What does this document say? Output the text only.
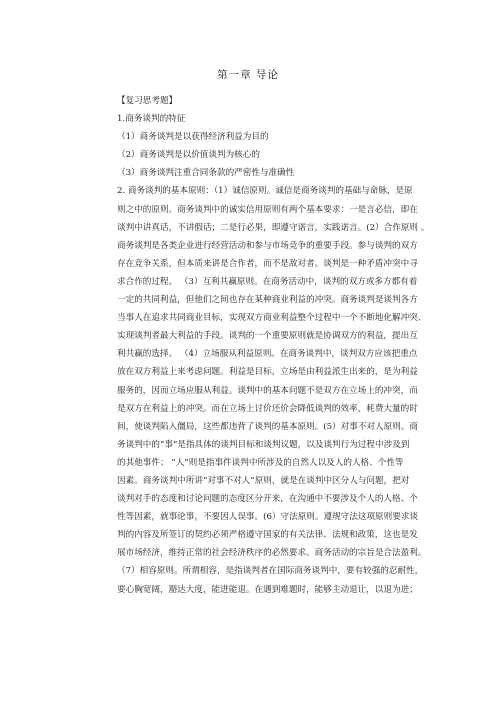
第一章 导论
【复习思考题】
1.商务谈判的特征
（1）商务谈判是以获得经济利益为目的
（2）商务谈判是以价值谈判为核心的
（3）商务谈判注重合同条款的严密性与准确性
2. 商务谈判的基本原则：（1）诚信原则。诚信是商务谈判的基础与命脉，是原
则之中的原则。商务谈判中的诚实信用原则有两个基本要求：一是言必信，即在
谈判中讲真话，不讲假话；二是行必果，即遵守诺言，实践诺言。(2）合作原则 。
商务谈判是各类企业进行经营活动和参与市场竞争的重要手段。参与谈判的双方
存在竞争关系，但本质来讲是合作者，而不是敌对者。谈判是一种矛盾冲突中寻
求合作的过程。 （3）互利共赢原则。在商务活动中，谈判的双方或多方都有着
一定的共同利益，但他们之间也存在某种商业利益的冲突。商务谈判是谈判各方
当事人在追求共同商业目标，实现双方商业利益整个过程中一个不断地化解冲突、
实现谈判者最大利益的手段。谈判的一个重要原则就是协调双方的利益，提出互
利共赢的选择。 （4）立场服从利益原则。在商务谈判中，谈判双方应该把重点
放在双方利益上来考虑问题。利益是目标，立场是由利益派生出来的，是为利益
服务的，因而立场应服从利益。谈判中的基本问题不是双方在立场上的冲突，而
是双方在利益上的冲突。而在立场上讨价还价会降低谈判的效率，耗费大量的时
间，使谈判陷入僵局，这些都违背了谈判的基本原则。(5）对事不对人原则。商
务谈判中的“事”是指具体的谈判目标和谈判议题，以及谈判行为过程中涉及到
的其他事件； “人”则是指事件谈判中所涉及的自然人以及人的人格、个性等
因素。商务谈判中所讲“对事不对人”原则，就是在谈判中区分人与问题，把对
谈判对手的态度和讨论问题的态度区分开来，在沟通中不要涉及个人的人格、个
性等因素，就事论事，不要因人误事。(6）守法原则。遵规守法这项原则要求谈
判的内容及所签订的契约必须严格遵守国家的有关法律、法规和政策，这也是发
展市场经济，维持正常的社会经济秩序的必然要求。商务活动的宗旨是合法盈利。
（7）相容原则。所谓相容，是指谈判者在国际商务谈判中，要有较强的忍耐性，
要心胸宽阔，豁达大度，能进能退。在遇到难题时，能够主动退让，以退为进；
